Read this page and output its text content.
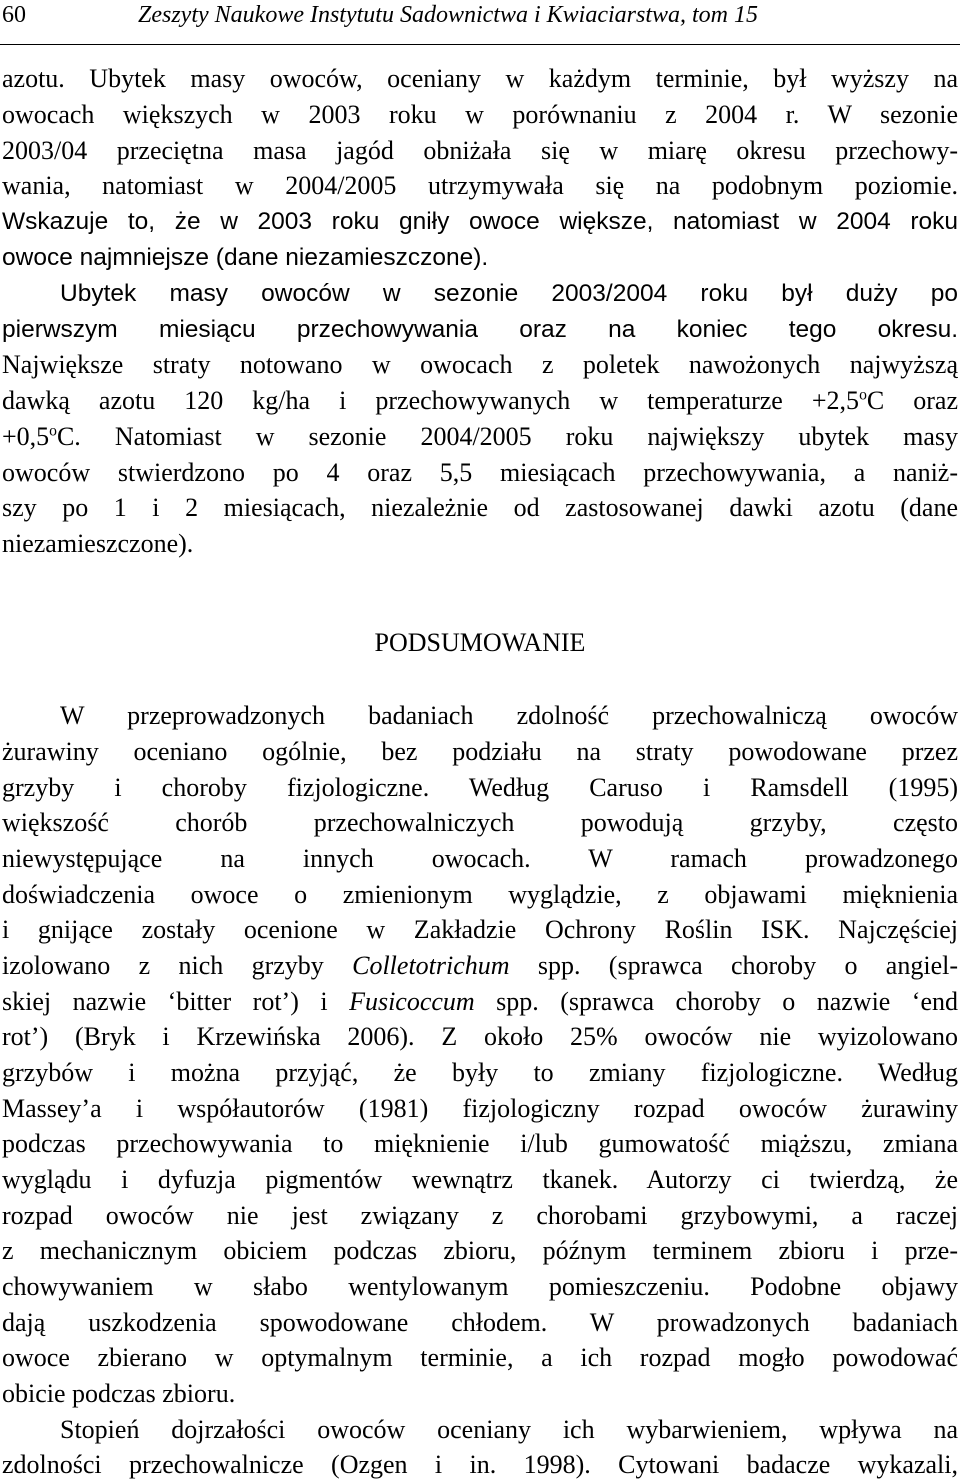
60	Zeszyty Naukowe Instytutu Sadownictwa i Kwiaciarstwa, tom 15
azotu. Ubytek masy owoców, oceniany w każdym terminie, był wyższy na
owocach większych w 2003 roku w porównaniu z 2004 r. W sezonie
2003/04 przeciętna masa jagód obniżała się w miarę okresu przechowy-
wania, natomiast w 2004/2005 utrzymywała się na podobnym poziomie.
Wskazuje to, że w 2003 roku gniły owoce większe, natomiast w 2004 roku
owoce najmniejsze (dane niezamieszczone).
Ubytek masy owoców w sezonie 2003/2004 roku był duży po
pierwszym miesiącu przechowywania oraz na koniec tego okresu.
Największe straty notowano w owocach z poletek nawożonych najwyższą
dawką azotu 120 kg/ha i przechowywanych w temperaturze $+2,5^oC$ oraz
$+0,5^oC$. Natomiast w sezonie 2004/2005 roku największy ubytek masy
owoców stwierdzono po 4 oraz 5,5 miesiącach przechowywania, a naniż-
szy po 1 i 2 miesiącach, niezależnie od zastosowanej dawki azotu (dane
niezamieszczone).
PODSUMOWANIE
W przeprowadzonych badaniach zdolność przechowalniczą owoców
żurawiny oceniano ogólnie, bez podziału na straty powodowane przez
grzyby i choroby fizjologiczne. Według Caruso i Ramsdell (1995)
większość chorób przechowalniczych powodują grzyby, często
niewystępujące na innych owocach. W ramach prowadzonego
doświadczenia owoce o zmienionym wyglądzie, z objawami mięknienia
i gnijące zostały ocenione w Zakładzie Ochrony Roślin ISK. Najczęściej
izolowano z nich grzyby Colletotrichum spp. (sprawca choroby o angiel-
skiej nazwie ‘bitter rot’) i Fusicoccum spp. (sprawca choroby o nazwie ‘end
rot’) (Bryk i Krzewińska 2006). Z około 25% owoców nie wyizolowano
grzybów i można przyjąć, że były to zmiany fizjologiczne. Według
Massey’a i współautorów (1981) fizjologiczny rozpad owoców żurawiny
podczas przechowywania to mięknienie i/lub gumowatość miąższu, zmiana
wyglądu i dyfuzja pigmentów wewnątrz tkanek. Autorzy ci twierdzą, że
rozpad owoców nie jest związany z chorobami grzybowymi, a raczej
z mechanicznym obiciem podczas zbioru, późnym terminem zbioru i prze-
chowywaniem w słabo wentylowanym pomieszczeniu. Podobne objawy
dają uszkodzenia spowodowane chłodem. W prowadzonych badaniach
owoce zbierano w optymalnym terminie, a ich rozpad mogło powodować
obicie podczas zbioru.
Stopień dojrzałości owoców oceniany ich wybarwieniem, wpływa na
zdolności przechowalnicze (Ozgen i in. 1998). Cytowani badacze wykazali,
